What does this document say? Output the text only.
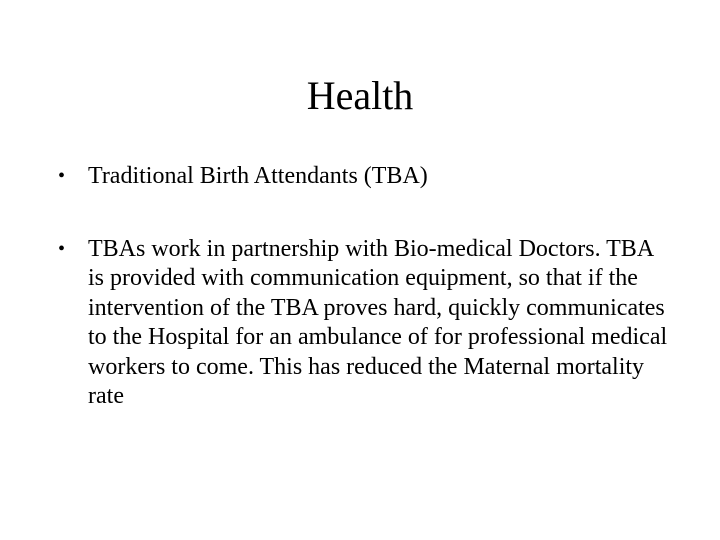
Health
• Traditional Birth Attendants (TBA)
• TBAs work in partnership with Bio-medical Doctors. TBA is provided with communication equipment, so that if the intervention of the TBA proves hard, quickly communicates to the Hospital for an ambulance of for professional medical workers to come. This has reduced the Maternal mortality rate
